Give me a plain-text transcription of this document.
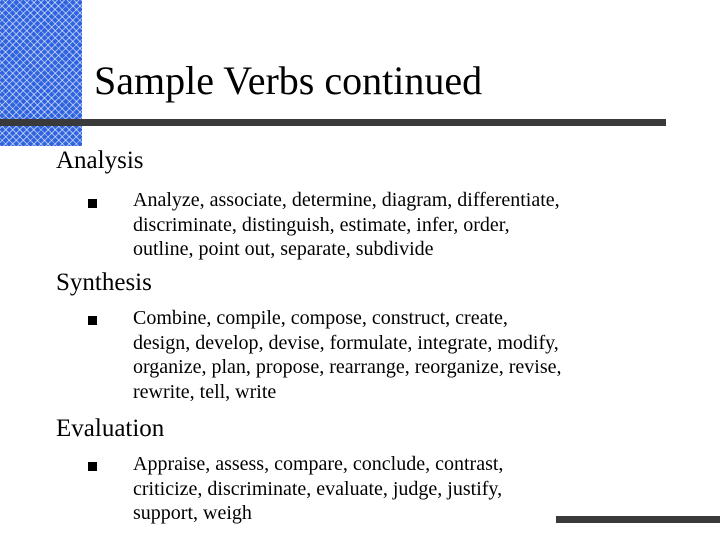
Sample Verbs continued
Analysis

Analyze, associate, determine, diagram, differentiate,
discriminate, distinguish, estimate, infer, order,
outline, point out, separate, subdivide

Synthesis

Combine, compile, compose, construct, create,
design, develop, devise, formulate, integrate, modify,
organize, plan, propose, rearrange, reorganize, revise,
rewrite, tell, write

Evaluation

Appraise, assess, compare, conclude, contrast,
criticize, discriminate, evaluate, judge, justify,
support, weigh
